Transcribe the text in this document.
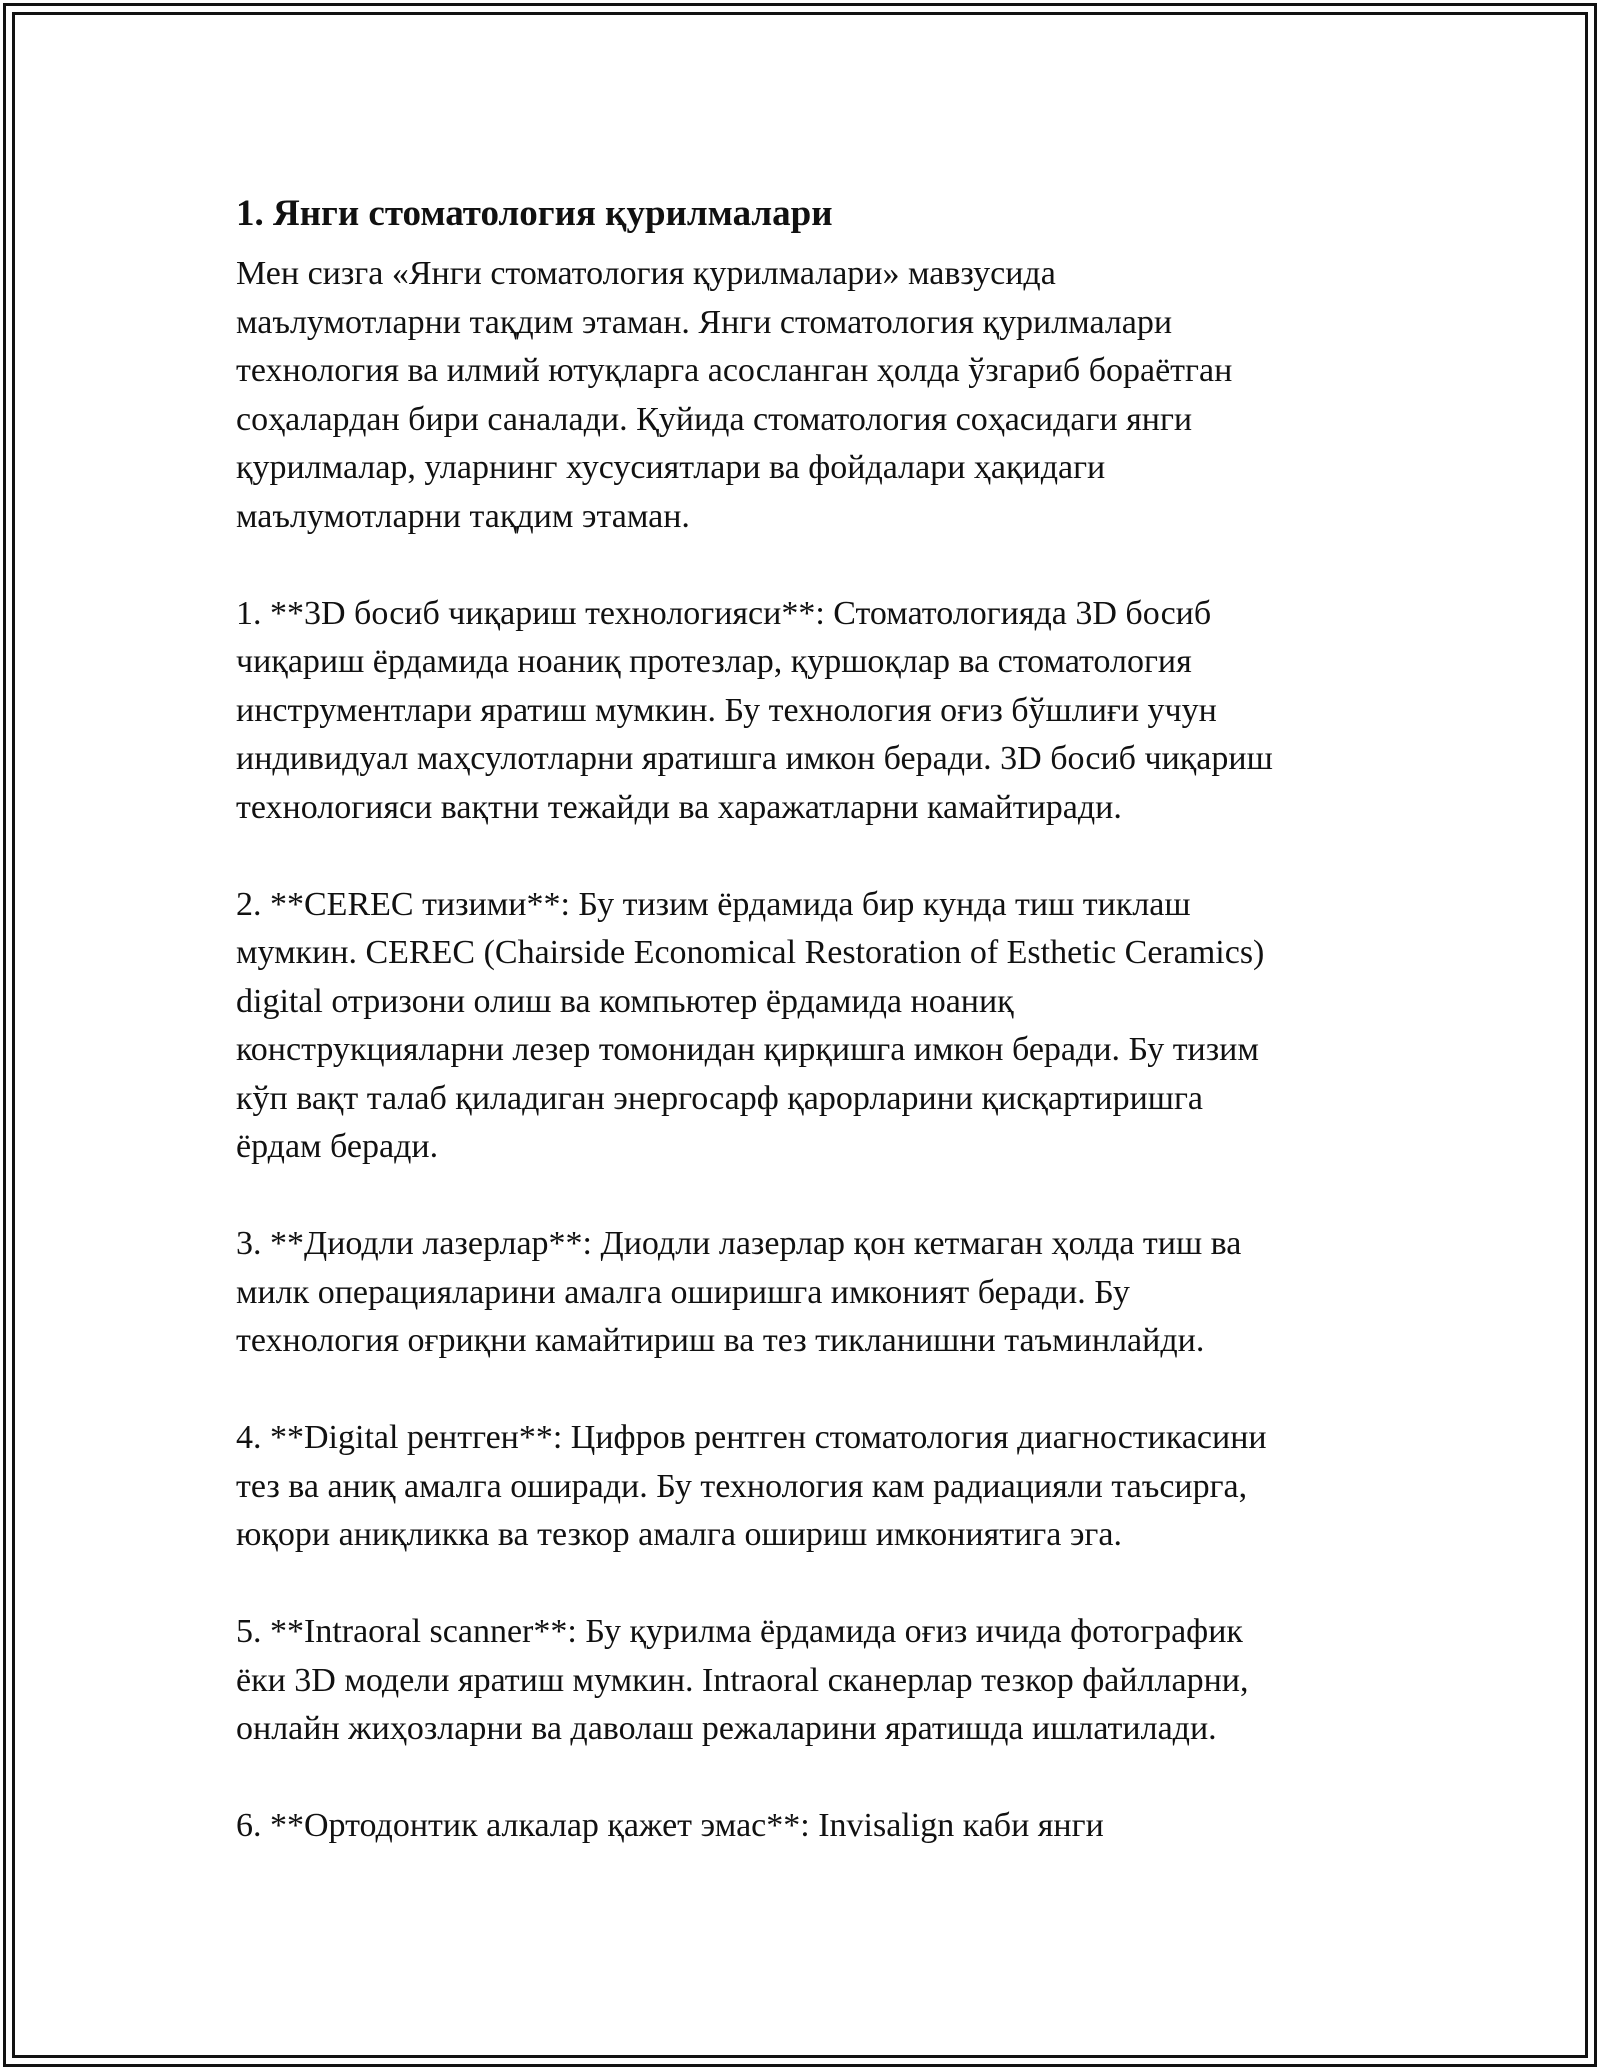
1. Янги стоматология қурилмалари

Мен сизга «Янги стоматология қурилмалари» мавзусида
маълумотларни тақдим этаман. Янги стоматология қурилмалари
технология ва илмий ютуқларга асосланган ҳолда ўзгариб бораётган
соҳалардан бири саналади. Қуйида стоматология соҳасидаги янги
қурилмалар, уларнинг хусусиятлари ва фойдалари ҳақидаги
маълумотларни тақдим этаман.

1. **3D босиб чиқариш технологияси**: Стоматологияда 3D босиб
чиқариш ёрдамида ноаниқ протезлар, қуршоқлар ва стоматология
инструментлари яратиш мумкин. Бу технология оғиз бўшлиғи учун
индивидуал маҳсулотларни яратишга имкон беради. 3D босиб чиқариш
технологияси вақтни тежайди ва харажатларни камайтиради.

2. **CEREC тизими**: Бу тизим ёрдамида бир кунда тиш тиклаш
мумкин. CEREC (Chairside Economical Restoration of Esthetic Ceramics)
digital отризони олиш ва компьютер ёрдамида ноаниқ
конструкцияларни лезер томонидан қирқишга имкон беради. Бу тизим
кўп вақт талаб қиладиган энергосарф қарорларини қисқартиришга
ёрдам беради.

3. **Диодли лазерлар**: Диодли лазерлар қон кетмаган ҳолда тиш ва
милк операцияларини амалга оширишга имконият беради. Бу
технология оғриқни камайтириш ва тез тикланишни таъминлайди.

4. **Digital рентген**: Цифров рентген стоматология диагностикасини
тез ва аниқ амалга оширади. Бу технология кам радиацияли таъсирга,
юқори аниқликка ва тезкор амалга ошириш имкониятига эга.

5. **Intraoral scanner**: Бу қурилма ёрдамида оғиз ичида фотографик
ёки 3D модели яратиш мумкин. Intraoral сканерлар тезкор файлларни,
онлайн жиҳозларни ва даволаш режаларини яратишда ишлатилади.

6. **Ортодонтик алкалар қажет эмас**: Invisalign каби янги
